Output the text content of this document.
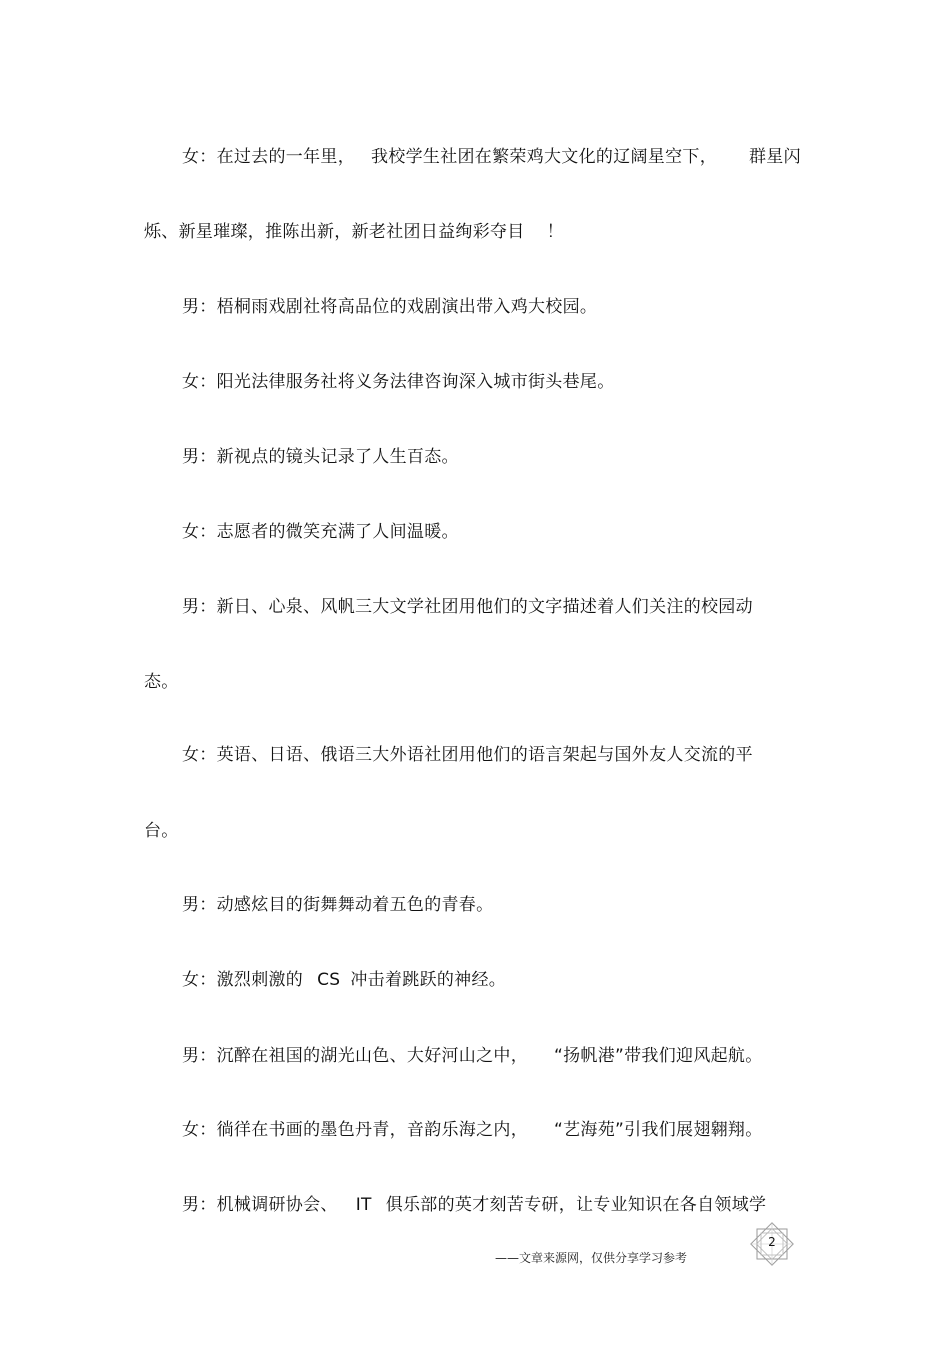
女：在过去的一年里， 我校学生社团在繁荣鸡大文化的辽阔星空下， 群星闪
烁、新星璀璨，推陈出新，新老社团日益绚彩夺目 ！
男：梧桐雨戏剧社将高品位的戏剧演出带入鸡大校园。
女：阳光法律服务社将义务法律咨询深入城市街头巷尾。
男：新视点的镜头记录了人生百态。
女：志愿者的微笑充满了人间温暖。
男：新日、心泉、风帆三大文学社团用他们的文字描述着人们关注的校园动
态。
女：英语、日语、俄语三大外语社团用他们的语言架起与国外友人交流的平
台。
男：动感炫目的街舞舞动着五色的青春。
女：激烈刺激的 CS 冲击着跳跃的神经。
男：沉醉在祖国的湖光山色、大好河山之中， “扬帆港”带我们迎风起航。
女：徜徉在书画的墨色丹青，音韵乐海之内， “艺海苑”引我们展翅翱翔。
男：机械调研协会、 IT 俱乐部的英才刻苦专研，让专业知识在各自领域学
——文章来源网，仅供分享学习参考
2
